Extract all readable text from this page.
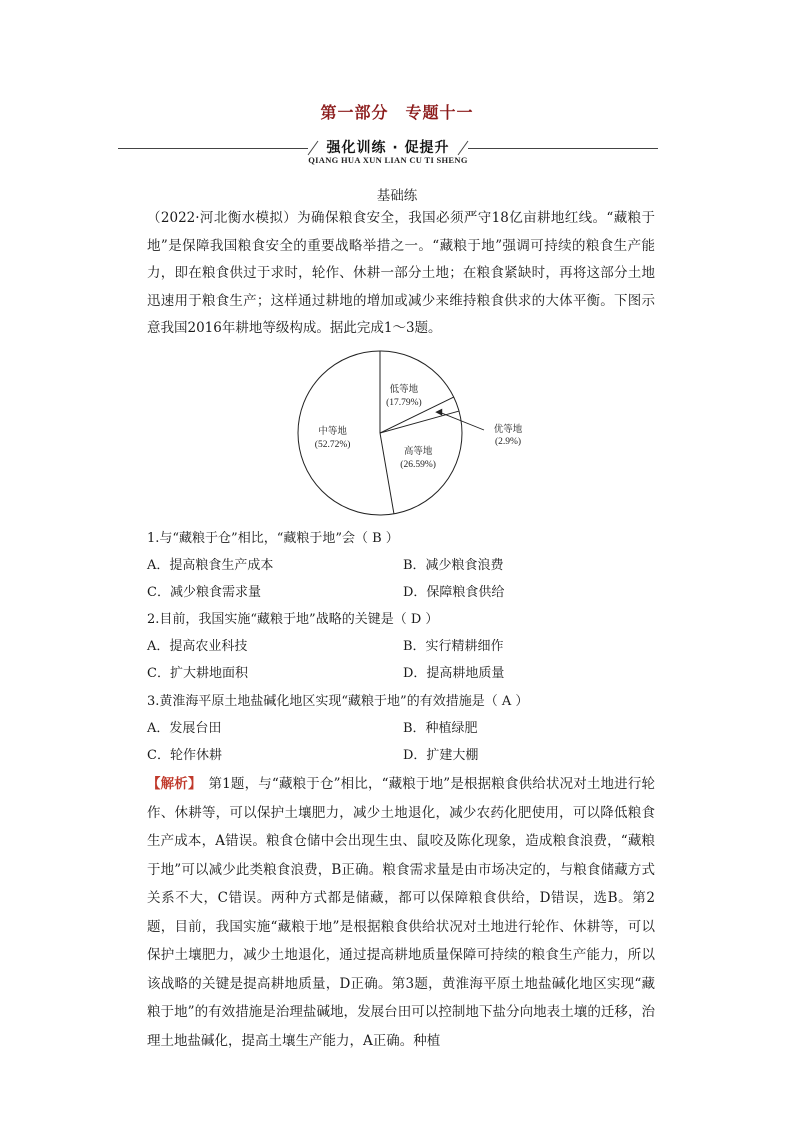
第一部分　专题十一
强化训练 · 促提升
QIANG HUA XUN LIAN CU TI SHENG
基础练
（2022·河北衡水模拟）为确保粮食安全，我国必须严守18亿亩耕地红线。“藏粮于地”是保障我国粮食安全的重要战略举措之一。“藏粮于地”强调可持续的粮食生产能力，即在粮食供过于求时，轮作、休耕一部分土地；在粮食紧缺时，再将这部分土地迅速用于粮食生产；这样通过耕地的增加或减少来维持粮食供求的大体平衡。下图示意我国2016年耕地等级构成。据此完成1～3题。
低等地
(17.79%)
优等地
(2.9%)
高等地
(26.59%)
中等地
(52.72%)
1.与“藏粮于仓”相比，“藏粮于地”会（ B ）
A．提高粮食生产成本	B．减少粮食浪费
C．减少粮食需求量	D．保障粮食供给
2.目前，我国实施“藏粮于地”战略的关键是（ D ）
A．提高农业科技	B．实行精耕细作
C．扩大耕地面积	D．提高耕地质量
3.黄淮海平原土地盐碱化地区实现“藏粮于地”的有效措施是（ A ）
A．发展台田	B．种植绿肥
C．轮作休耕	D．扩建大棚
【解析】　第1题，与“藏粮于仓”相比，“藏粮于地”是根据粮食供给状况对土地进行轮作、休耕等，可以保护土壤肥力，减少土地退化，减少农药化肥使用，可以降低粮食生产成本，A错误。粮食仓储中会出现生虫、鼠咬及陈化现象，造成粮食浪费，“藏粮于地”可以减少此类粮食浪费，B正确。粮食需求量是由市场决定的，与粮食储藏方式关系不大，C错误。两种方式都是储藏，都可以保障粮食供给，D错误，选B。第2题，目前，我国实施“藏粮于地”是根据粮食供给状况对土地进行轮作、休耕等，可以保护土壤肥力，减少土地退化，通过提高耕地质量保障可持续的粮食生产能力，所以该战略的关键是提高耕地质量，D正确。第3题，黄淮海平原土地盐碱化地区实现“藏粮于地”的有效措施是治理盐碱地，发展台田可以控制地下盐分向地表土壤的迁移，治理土地盐碱化，提高土壤生产能力，A正确。种植
